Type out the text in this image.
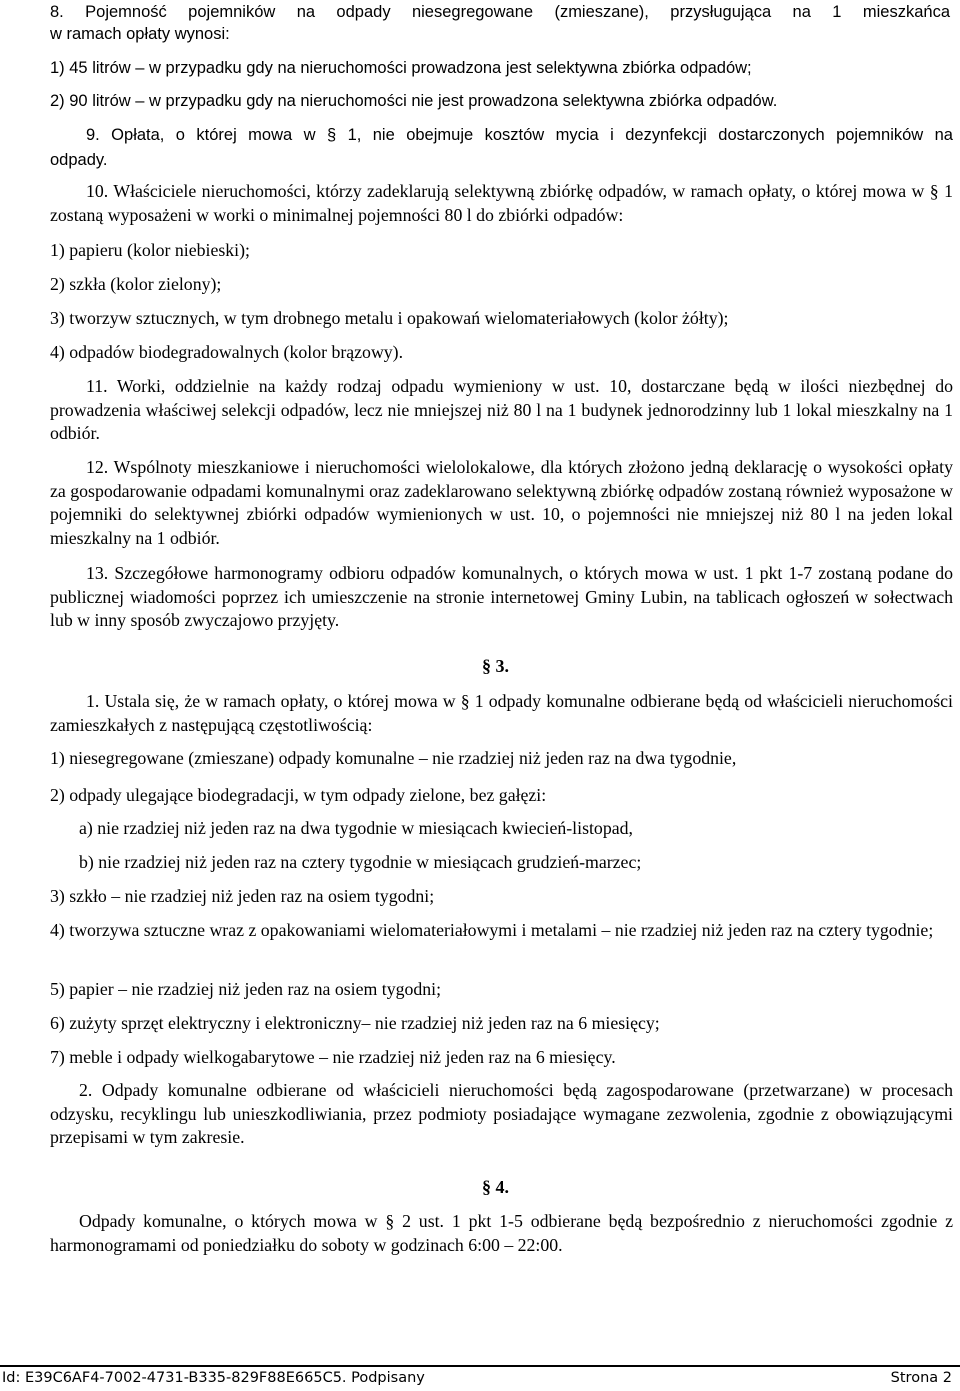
8. Pojemność pojemników na odpady niesegregowane (zmieszane), przysługująca na 1 mieszkańca
w ramach opłaty wynosi:
1) 45 litrów – w przypadku gdy na nieruchomości prowadzona jest selektywna zbiórka odpadów;
2) 90 litrów – w przypadku gdy na nieruchomości nie jest prowadzona selektywna zbiórka odpadów.
9. Opłata, o której mowa w § 1, nie obejmuje kosztów mycia i dezynfekcji dostarczonych pojemników na
odpady.

10. Właściciele nieruchomości, którzy zadeklarują selektywną zbiórkę odpadów, w ramach opłaty, o której mowa w § 1 zostaną wyposażeni w worki o minimalnej pojemności 80 l do zbiórki odpadów:

1) papieru (kolor niebieski);
2) szkła (kolor zielony);
3) tworzyw sztucznych, w tym drobnego metalu i opakowań wielomateriałowych (kolor żółty);
4) odpadów biodegradowalnych (kolor brązowy).

11. Worki, oddzielnie na każdy rodzaj odpadu wymieniony w ust. 10, dostarczane będą w ilości niezbędnej do prowadzenia właściwej selekcji odpadów, lecz nie mniejszej niż 80 l na 1 budynek jednorodzinny lub 1 lokal mieszkalny na 1 odbiór.

12. Wspólnoty mieszkaniowe i nieruchomości wielolokalowe, dla których złożono jedną deklarację o wysokości opłaty za gospodarowanie odpadami komunalnymi oraz zadeklarowano selektywną zbiórkę odpadów zostaną również wyposażone w pojemniki do selektywnej zbiórki odpadów wymienionych w ust. 10, o pojemności nie mniejszej niż 80 l na jeden lokal mieszkalny na 1 odbiór.

13. Szczegółowe harmonogramy odbioru odpadów komunalnych, o których mowa w ust. 1 pkt 1-7 zostaną podane do publicznej wiadomości poprzez ich umieszczenie na stronie internetowej Gminy Lubin, na tablicach ogłoszeń w sołectwach lub w inny sposób zwyczajowo przyjęty.

§ 3.

1. Ustala się, że w ramach opłaty, o której mowa w § 1 odpady komunalne odbierane będą od właścicieli nieruchomości zamieszkałych z następującą częstotliwością:

1) niesegregowane (zmieszane) odpady komunalne – nie rzadziej niż jeden raz na dwa tygodnie,
2) odpady ulegające biodegradacji, w tym odpady zielone, bez gałęzi:
a) nie rzadziej niż jeden raz na dwa tygodnie w miesiącach kwiecień-listopad,
b) nie rzadziej niż jeden raz na cztery tygodnie w miesiącach grudzień-marzec;
3) szkło – nie rzadziej niż jeden raz na osiem tygodni;

4) tworzywa sztuczne wraz z opakowaniami wielomateriałowymi i metalami – nie rzadziej niż jeden raz na cztery tygodnie;

5) papier – nie rzadziej niż jeden raz na osiem tygodni;
6) zużyty sprzęt elektryczny i elektroniczny– nie rzadziej niż jeden raz na 6 miesięcy;
7) meble i odpady wielkogabarytowe – nie rzadziej niż jeden raz na 6 miesięcy.

2. Odpady komunalne odbierane od właścicieli nieruchomości będą zagospodarowane (przetwarzane) w procesach odzysku, recyklingu lub unieszkodliwiania, przez podmioty posiadające wymagane zezwolenia, zgodnie z obowiązującymi przepisami w tym zakresie.

§ 4.

Odpady komunalne, o których mowa w § 2 ust. 1 pkt 1-5 odbierane będą bezpośrednio z nieruchomości zgodnie z harmonogramami od poniedziałku do soboty w godzinach 6:00 – 22:00.

Id: E39C6AF4-7002-4731-B335-829F88E665C5. Podpisany	Strona 2
